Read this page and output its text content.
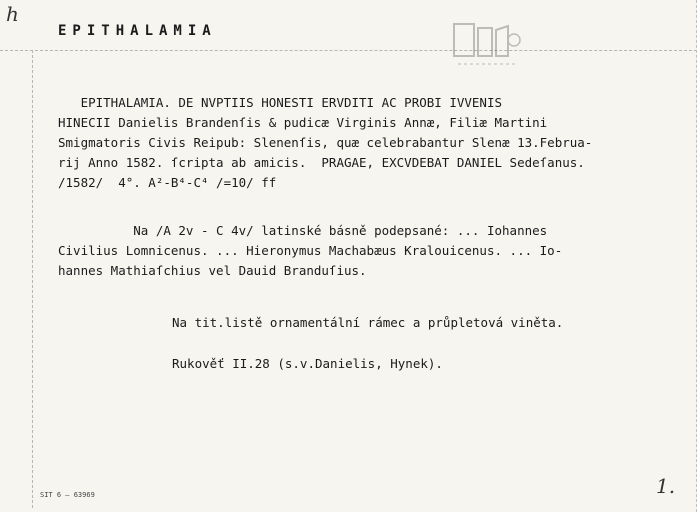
h
EPITHALAMIA
EPITHALAMIA. DE NVPTIIS HONESTI ERVDITI AC PROBI IVVENIS
HINECII Danielis Brandenſis & pudicæ Virginis Annæ, Filiæ Martini
Smigmatoris Civis Reipub: Slenenſis, quæ celebrabantur Slenæ 13.Februa-
rij Anno 1582. ſcripta ab amicis.  PRAGAE, EXCVDEBAT DANIEL Sedeſanus.
/1582/  4°. A²-B⁴-C⁴ /=10/ ff
Na /A 2v - C 4v/ latinské básně podepsané: ... Iohannes
Civilius Lomnicenus. ... Hieronymus Machabæus Kralouicenus. ... Io-
hannes Mathiaſchius vel Dauid Branduſius.
Na tit.listě ornamentální rámec a průpletová viněta.
Rukověť II.28 (s.v.Danielis, Hynek).
SIT 6 — 63969	1.
